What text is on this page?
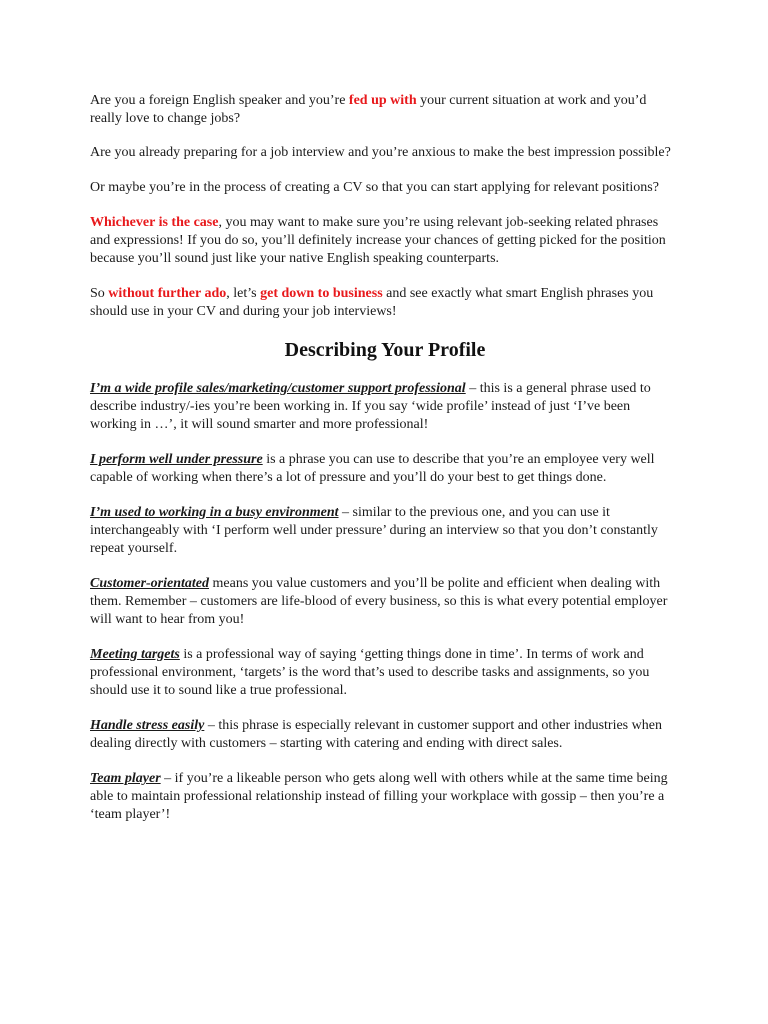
Are you a foreign English speaker and you’re fed up with your current situation at work and you’d really love to change jobs?

Are you already preparing for a job interview and you’re anxious to make the best impression possible?

Or maybe you’re in the process of creating a CV so that you can start applying for relevant positions?

Whichever is the case, you may want to make sure you’re using relevant job-seeking related phrases and expressions! If you do so, you’ll definitely increase your chances of getting picked for the position because you’ll sound just like your native English speaking counterparts.

So without further ado, let’s get down to business and see exactly what smart English phrases you should use in your CV and during your job interviews!

Describing Your Profile

I’m a wide profile sales/marketing/customer support professional – this is a general phrase used to describe industry/-ies you’re been working in. If you say ‘wide profile’ instead of just ‘I’ve been working in …’, it will sound smarter and more professional!

I perform well under pressure is a phrase you can use to describe that you’re an employee very well capable of working when there’s a lot of pressure and you’ll do your best to get things done.

I’m used to working in a busy environment – similar to the previous one, and you can use it interchangeably with ‘I perform well under pressure’ during an interview so that you don’t constantly repeat yourself.

Customer-orientated means you value customers and you’ll be polite and efficient when dealing with them. Remember – customers are life-blood of every business, so this is what every potential employer will want to hear from you!

Meeting targets is a professional way of saying ‘getting things done in time’. In terms of work and professional environment, ‘targets’ is the word that’s used to describe tasks and assignments, so you should use it to sound like a true professional.

Handle stress easily – this phrase is especially relevant in customer support and other industries when dealing directly with customers – starting with catering and ending with direct sales.

Team player – if you’re a likeable person who gets along well with others while at the same time being able to maintain professional relationship instead of filling your workplace with gossip – then you’re a ‘team player’!
